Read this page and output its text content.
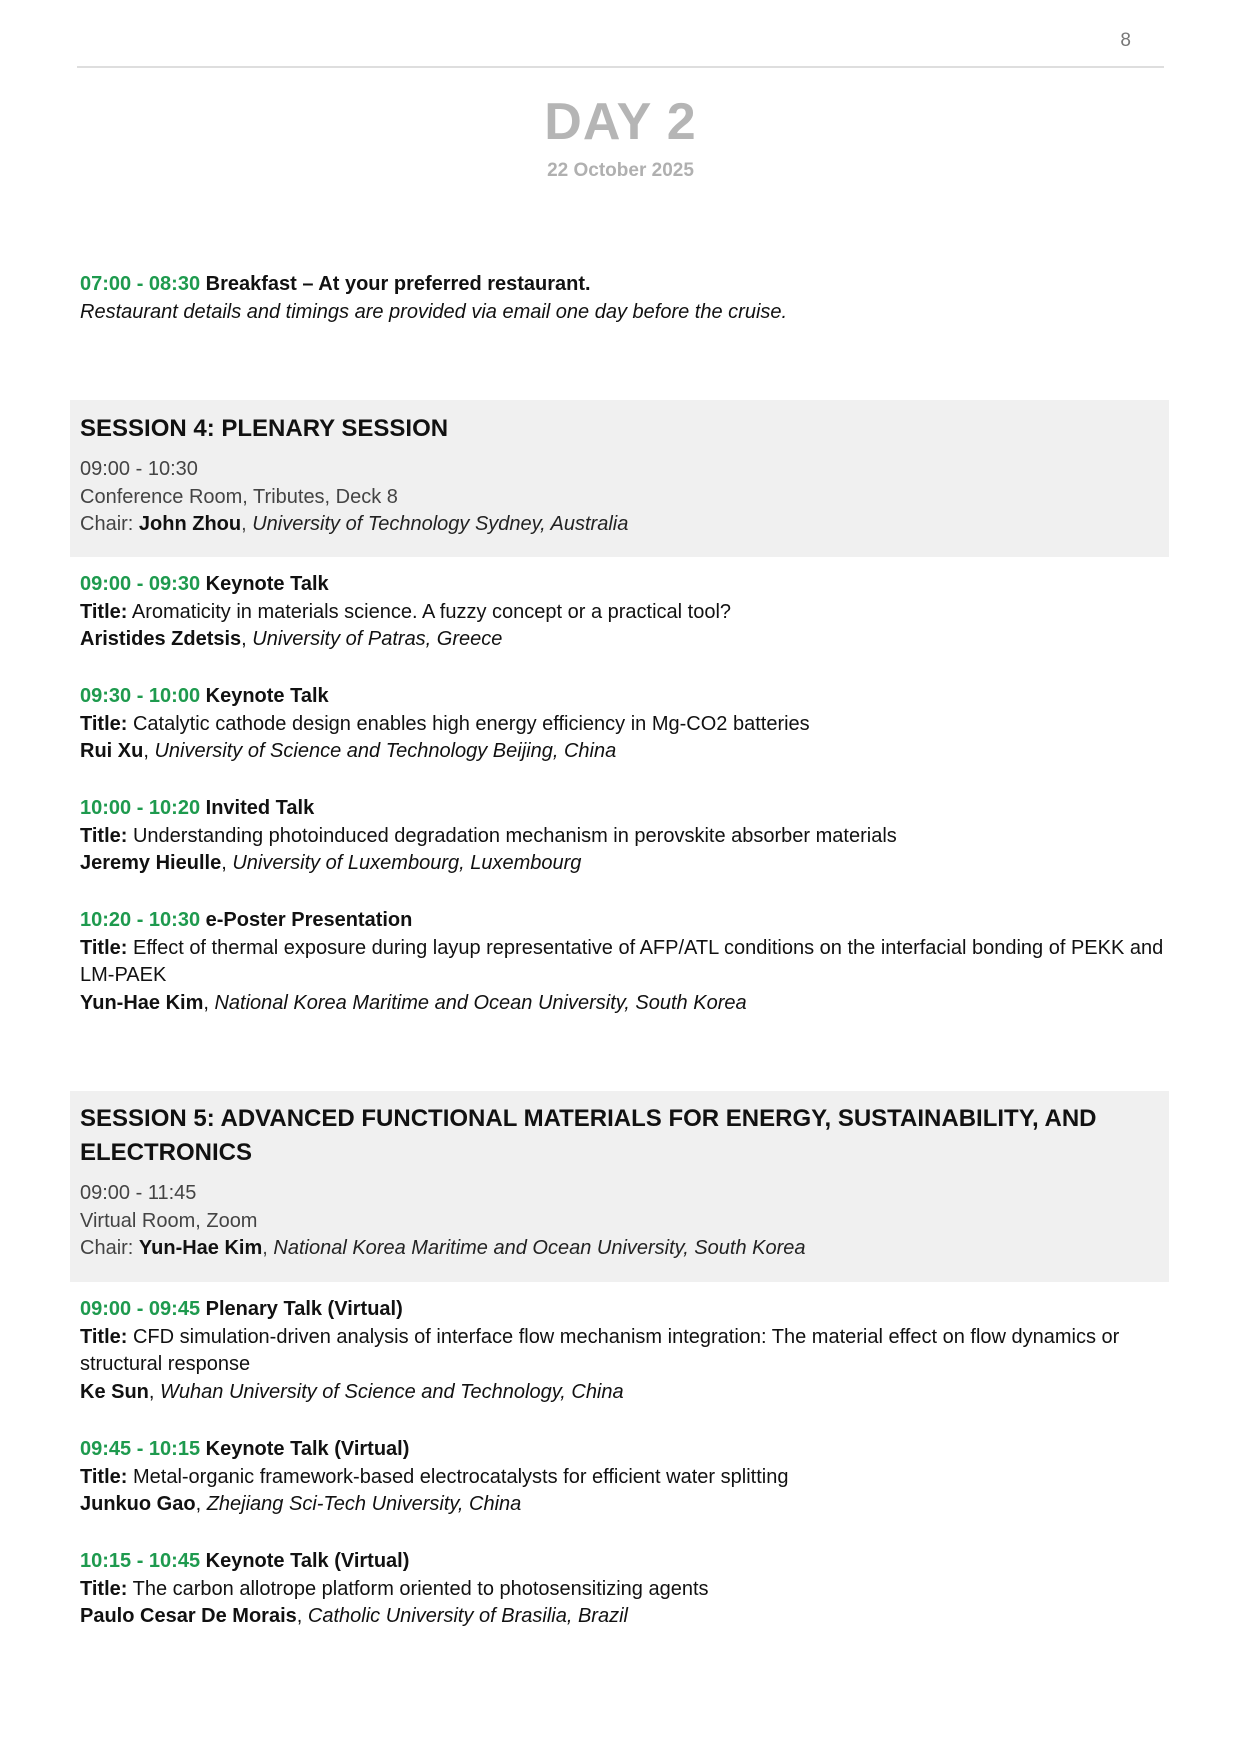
8
DAY 2
22 October 2025
07:00 - 08:30 Breakfast – At your preferred restaurant.
Restaurant details and timings are provided via email one day before the cruise.
SESSION 4: PLENARY SESSION
09:00 - 10:30
Conference Room, Tributes, Deck 8
Chair: John Zhou, University of Technology Sydney, Australia
09:00 - 09:30 Keynote Talk
Title: Aromaticity in materials science. A fuzzy concept or a practical tool?
Aristides Zdetsis, University of Patras, Greece
09:30 - 10:00 Keynote Talk
Title: Catalytic cathode design enables high energy efficiency in Mg-CO2 batteries
Rui Xu, University of Science and Technology Beijing, China
10:00 - 10:20 Invited Talk
Title: Understanding photoinduced degradation mechanism in perovskite absorber materials
Jeremy Hieulle, University of Luxembourg, Luxembourg
10:20 - 10:30 e-Poster Presentation
Title: Effect of thermal exposure during layup representative of AFP/ATL conditions on the interfacial bonding of PEKK and LM-PAEK
Yun-Hae Kim, National Korea Maritime and Ocean University, South Korea
SESSION 5: ADVANCED FUNCTIONAL MATERIALS FOR ENERGY, SUSTAINABILITY, AND ELECTRONICS
09:00 - 11:45
Virtual Room, Zoom
Chair: Yun-Hae Kim, National Korea Maritime and Ocean University, South Korea
09:00 - 09:45 Plenary Talk (Virtual)
Title: CFD simulation-driven analysis of interface flow mechanism integration: The material effect on flow dynamics or structural response
Ke Sun, Wuhan University of Science and Technology, China
09:45 - 10:15 Keynote Talk (Virtual)
Title: Metal-organic framework-based electrocatalysts for efficient water splitting
Junkuo Gao, Zhejiang Sci-Tech University, China
10:15 - 10:45 Keynote Talk (Virtual)
Title: The carbon allotrope platform oriented to photosensitizing agents
Paulo Cesar De Morais, Catholic University of Brasilia, Brazil
